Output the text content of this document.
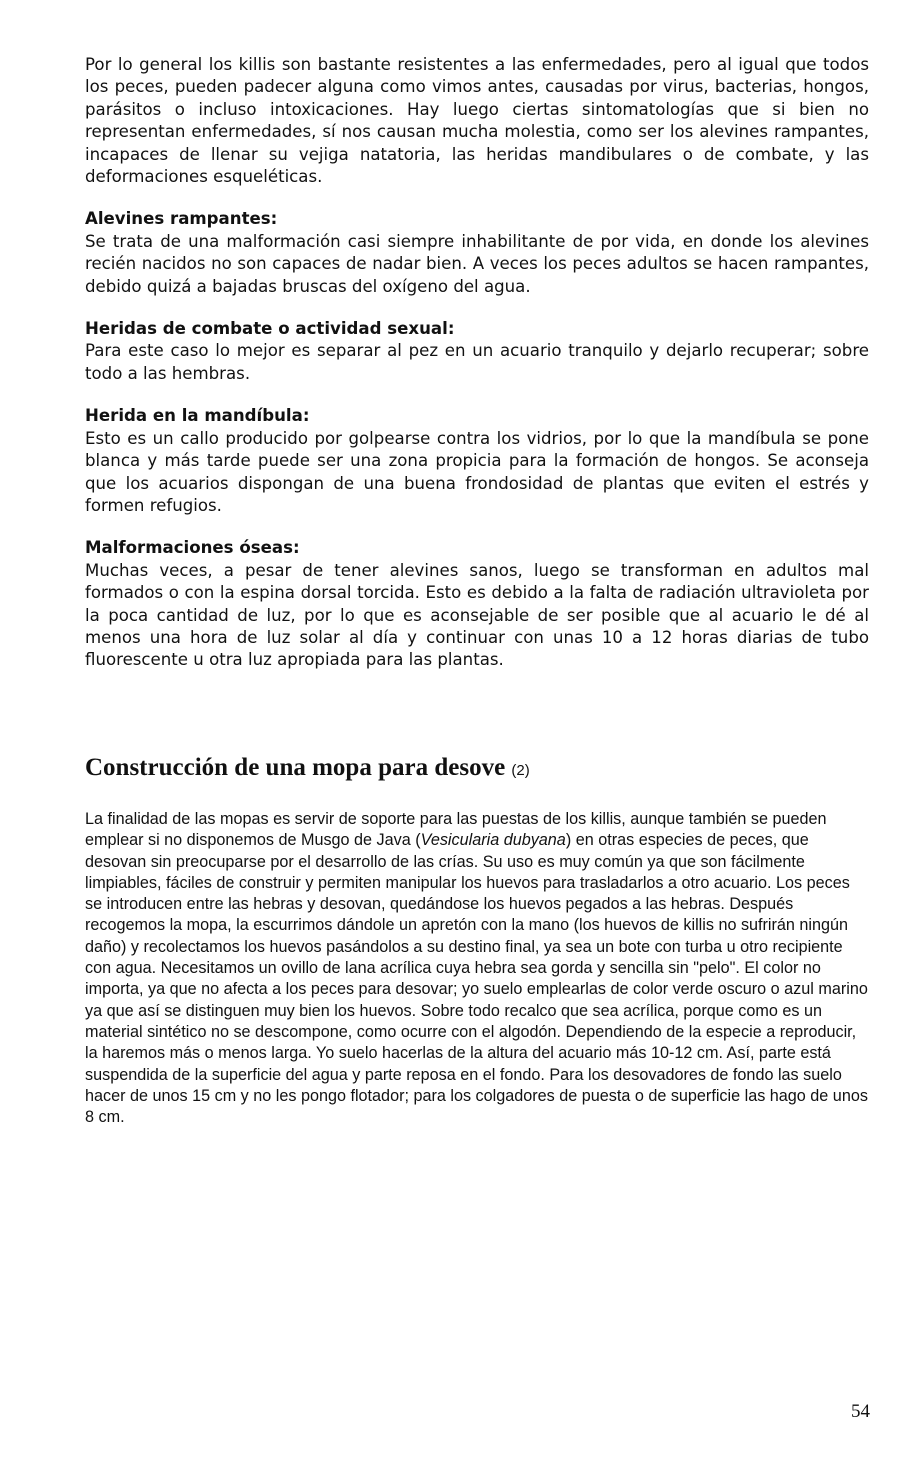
Por lo general los killis son bastante resistentes a las enfermedades, pero al igual que todos los peces, pueden padecer alguna como vimos antes, causadas por virus, bacterias, hongos, parásitos o incluso intoxicaciones. Hay luego ciertas sintomatologías que si bien no representan enfermedades, sí nos causan mucha molestia, como ser los alevines rampantes, incapaces de llenar su vejiga natatoria, las heridas mandibulares o de combate, y las deformaciones esqueléticas.

Alevines rampantes:

Se trata de una malformación casi siempre inhabilitante de por vida, en donde los alevines recién nacidos no son capaces de nadar bien. A veces los peces adultos se hacen rampantes, debido quizá a bajadas bruscas del oxígeno del agua.

Heridas de combate o actividad sexual:

Para este caso lo mejor es separar al pez en un acuario tranquilo y dejarlo recuperar; sobre todo a las hembras.

Herida en la mandíbula:

Esto es un callo producido por golpearse contra los vidrios, por lo que la mandíbula se pone blanca y más tarde puede ser una zona propicia para la formación de hongos. Se aconseja que los acuarios dispongan de una buena frondosidad de plantas que eviten el estrés y formen refugios.

Malformaciones óseas:

Muchas veces, a pesar de tener alevines sanos, luego se transforman en adultos mal formados o con la espina dorsal torcida. Esto es debido a la falta de radiación ultravioleta por la poca cantidad de luz, por lo que es aconsejable de ser posible que al acuario le dé al menos una hora de luz solar al día y continuar con unas 10 a 12 horas diarias de tubo fluorescente u otra luz apropiada para las plantas.

Construcción de una mopa para desove (2)

La finalidad de las mopas es servir de soporte para las puestas de los killis, aunque también se pueden emplear si no disponemos de Musgo de Java (Vesicularia dubyana) en otras especies de peces, que desovan sin preocuparse por el desarrollo de las crías. Su uso es muy común ya que son fácilmente limpiables, fáciles de construir y permiten manipular los huevos para trasladarlos a otro acuario. Los peces se introducen entre las hebras y desovan, quedándose los huevos pegados a las hebras. Después recogemos la mopa, la escurrimos dándole un apretón con la mano (los huevos de killis no sufrirán ningún daño) y recolectamos los huevos pasándolos a su destino final, ya sea un bote con turba u otro recipiente con agua. Necesitamos un ovillo de lana acrílica cuya hebra sea gorda y sencilla sin "pelo". El color no importa, ya que no afecta a los peces para desovar; yo suelo emplearlas de color verde oscuro o azul marino ya que así se distinguen muy bien los huevos. Sobre todo recalco que sea acrílica, porque como es un material sintético no se descompone, como ocurre con el algodón. Dependiendo de la especie a reproducir, la haremos más o menos larga. Yo suelo hacerlas de la altura del acuario más 10-12 cm. Así, parte está suspendida de la superficie del agua y parte reposa en el fondo. Para los desovadores de fondo las suelo hacer de unos 15 cm y no les pongo flotador; para los colgadores de puesta o de superficie las hago de unos 8 cm.

54
